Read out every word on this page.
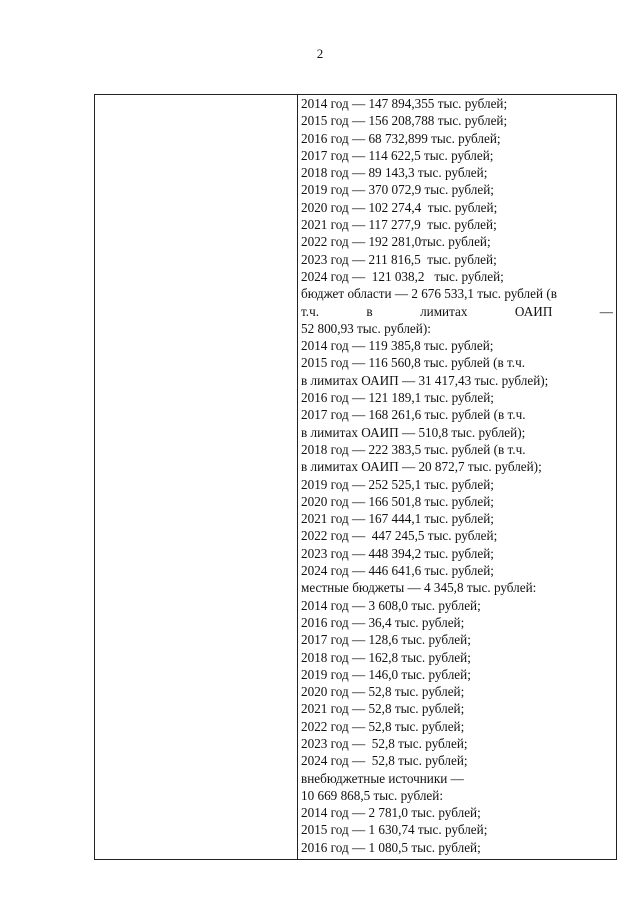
2
2014 год — 147 894,355 тыс. рублей;
2015 год — 156 208,788 тыс. рублей;
2016 год — 68 732,899 тыс. рублей;
2017 год — 114 622,5 тыс. рублей;
2018 год — 89 143,3 тыс. рублей;
2019 год — 370 072,9 тыс. рублей;
2020 год — 102 274,4  тыс. рублей;
2021 год — 117 277,9  тыс. рублей;
2022 год — 192 281,0тыс. рублей;
2023 год — 211 816,5  тыс. рублей;
2024 год —  121 038,2   тыс. рублей;
бюджет области — 2 676 533,1 тыс. рублей (в
т.ч.	в	лимитах	ОАИП	—
52 800,93 тыс. рублей):
2014 год — 119 385,8 тыс. рублей;
2015 год — 116 560,8 тыс. рублей (в т.ч.
в лимитах ОАИП — 31 417,43 тыс. рублей);
2016 год — 121 189,1 тыс. рублей;
2017 год — 168 261,6 тыс. рублей (в т.ч.
в лимитах ОАИП — 510,8 тыс. рублей);
2018 год — 222 383,5 тыс. рублей (в т.ч.
в лимитах ОАИП — 20 872,7 тыс. рублей);
2019 год — 252 525,1 тыс. рублей;
2020 год — 166 501,8 тыс. рублей;
2021 год — 167 444,1 тыс. рублей;
2022 год —  447 245,5 тыс. рублей;
2023 год — 448 394,2 тыс. рублей;
2024 год — 446 641,6 тыс. рублей;
местные бюджеты — 4 345,8 тыс. рублей:
2014 год — 3 608,0 тыс. рублей;
2016 год — 36,4 тыс. рублей;
2017 год — 128,6 тыс. рублей;
2018 год — 162,8 тыс. рублей;
2019 год — 146,0 тыс. рублей;
2020 год — 52,8 тыс. рублей;
2021 год — 52,8 тыс. рублей;
2022 год — 52,8 тыс. рублей;
2023 год —  52,8 тыс. рублей;
2024 год —  52,8 тыс. рублей;
внебюджетные источники —
10 669 868,5 тыс. рублей:
2014 год — 2 781,0 тыс. рублей;
2015 год — 1 630,74 тыс. рублей;
2016 год — 1 080,5 тыс. рублей;
